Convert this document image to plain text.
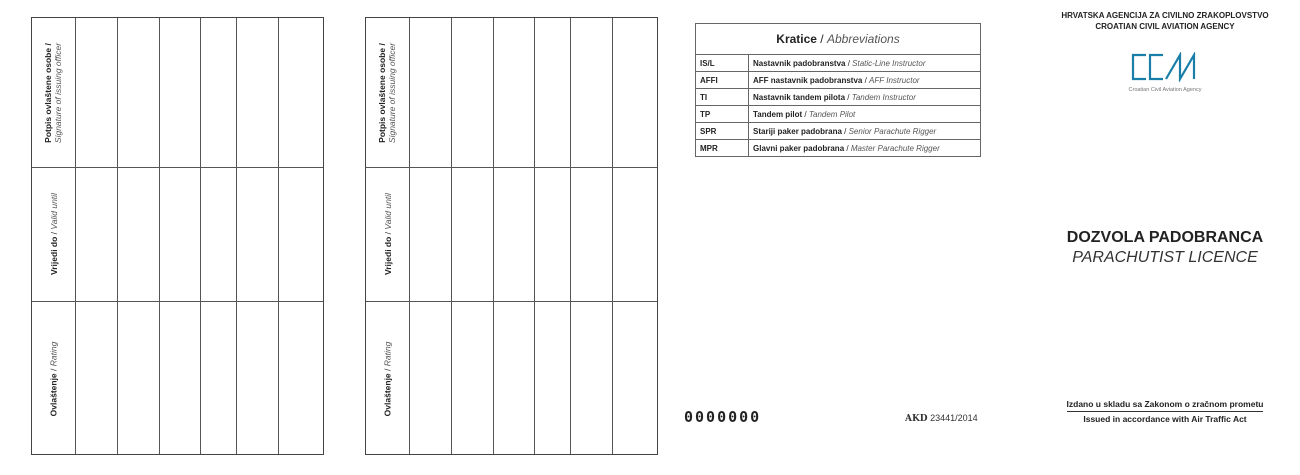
Potpis ovlaštene osobe /
Signature of issuing officer
Vrijedi do / Valid until
Ovlaštenje / Rating
Potpis ovlaštene osobe /
Signature of issuing officer
Vrijedi do / Valid until
Ovlaštenje / Rating
Kratice / Abbreviations	
IS/L	Nastavnik padobranstva / Static-Line Instructor
AFFI	AFF nastavnik padobranstva / AFF Instructor
TI	Nastavnik tandem pilota / Tandem Instructor
TP	Tandem pilot / Tandem Pilot
SPR	Stariji paker padobrana / Senior Parachute Rigger
MPR	Glavni paker padobrana / Master Parachute Rigger
HRVATSKA AGENCIJA ZA CIVILNO ZRAKOPLOVSTVO
CROATIAN CIVIL AVIATION AGENCY
Croatian Civil Aviation Agency
DOZVOLA PADOBRANCA
PARACHUTIST LICENCE
Izdano u skladu sa Zakonom o zračnom prometu
Issued in accordance with Air Traffic Act
0000000	AKD 23441/2014
